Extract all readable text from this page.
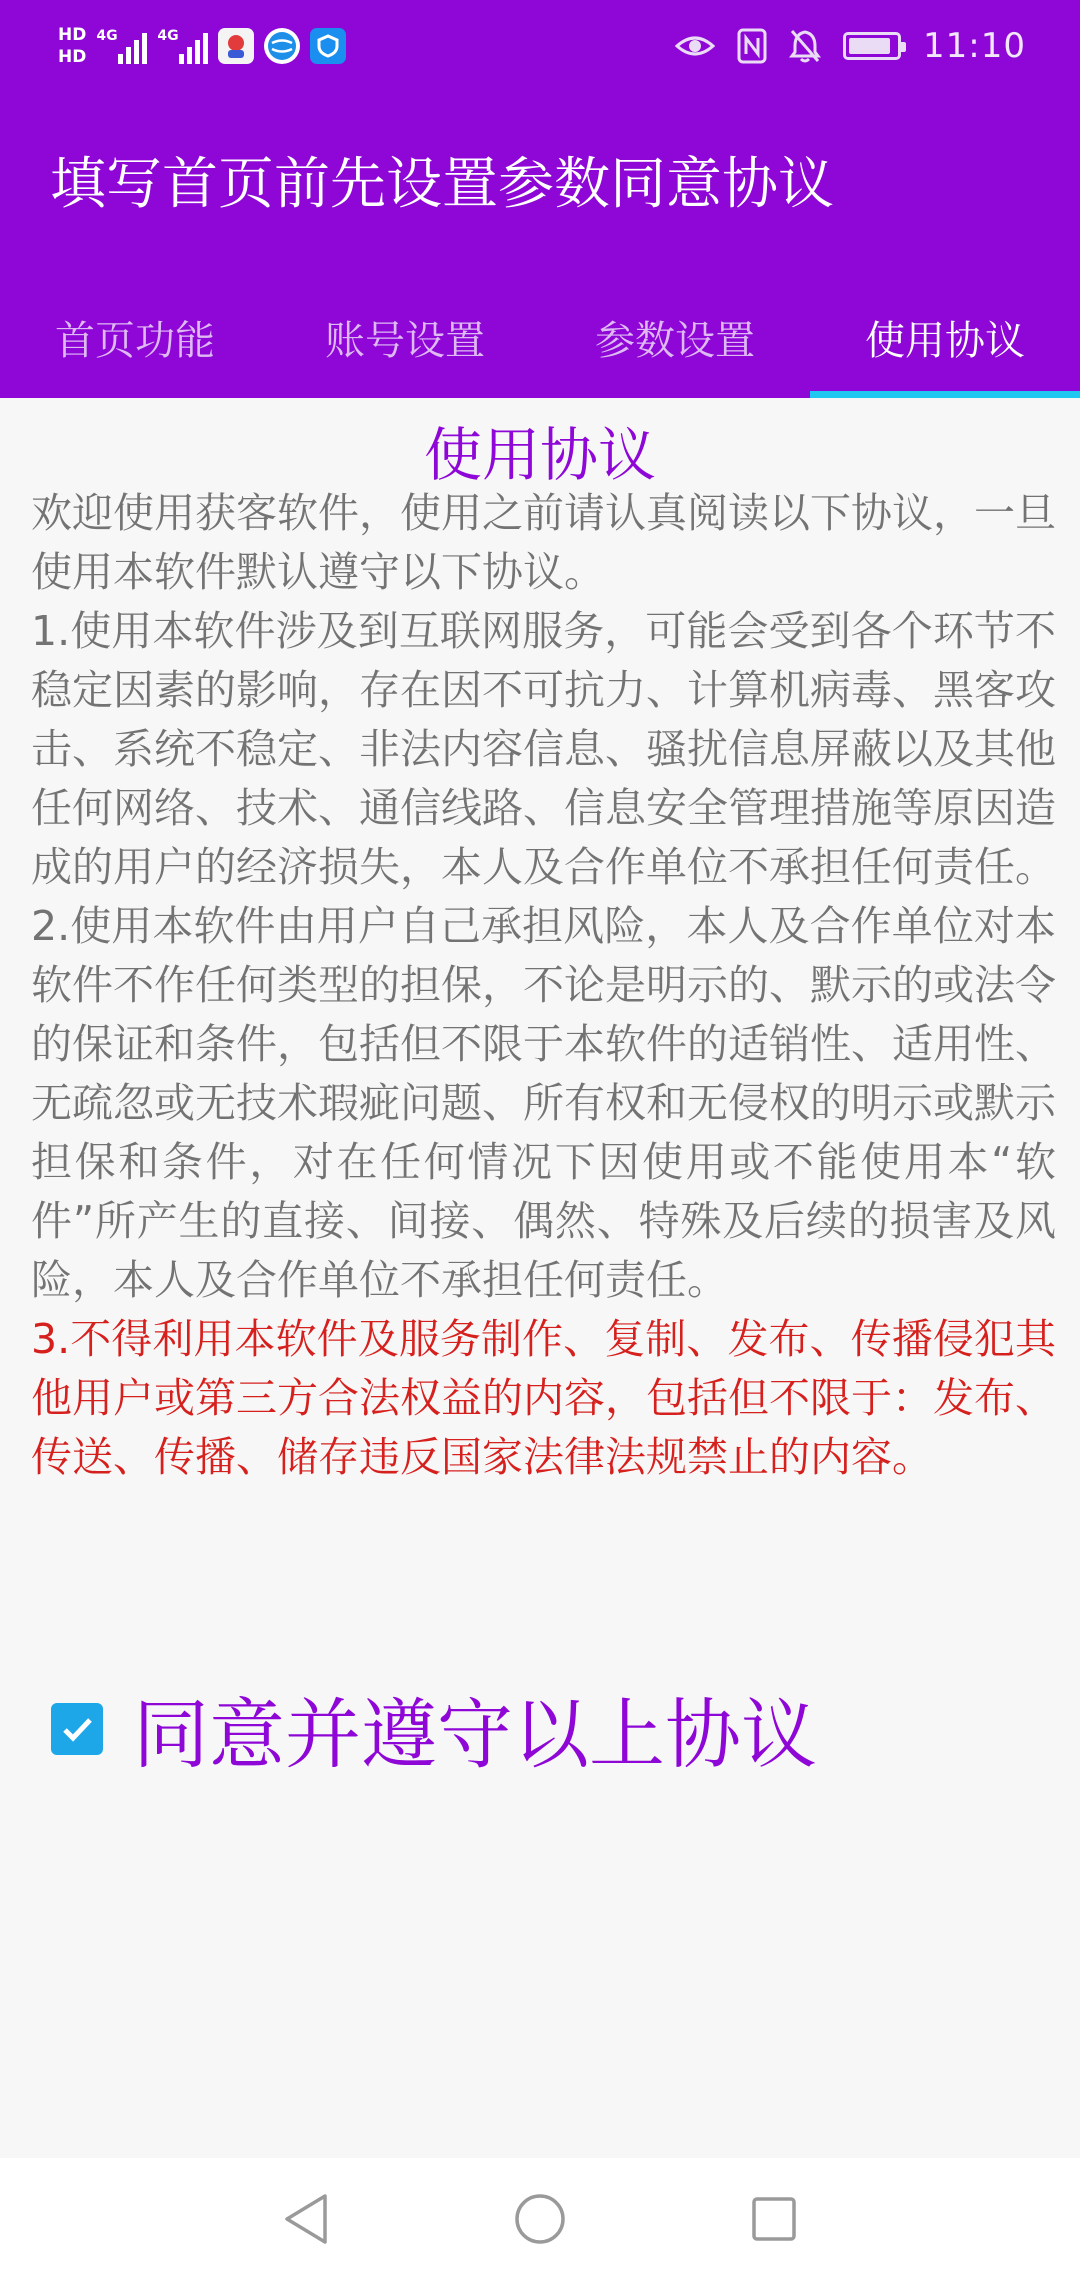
HD
HD
4G	4G	11:10
填写首页前先设置参数同意协议
首页功能	账号设置	参数设置	使用协议
使用协议

欢迎使用获客软件，使用之前请认真阅读以下协议，一旦使用本软件默认遵守以下协议。

1.使用本软件涉及到互联网服务，可能会受到各个环节不稳定因素的影响，存在因不可抗力、计算机病毒、黑客攻击、系统不稳定、非法内容信息、骚扰信息屏蔽以及其他任何网络、技术、通信线路、信息安全管理措施等原因造成的用户的经济损失，本人及合作单位不承担任何责任。

2.使用本软件由用户自己承担风险，本人及合作单位对本软件不作任何类型的担保，不论是明示的、默示的或法令的保证和条件，包括但不限于本软件的适销性、适用性、无疏忽或无技术瑕疵问题、所有权和无侵权的明示或默示担保和条件，对在任何情况下因使用或不能使用本“软件”所产生的直接、间接、偶然、特殊及后续的损害及风险，本人及合作单位不承担任何责任。

3.不得利用本软件及服务制作、复制、发布、传播侵犯其他用户或第三方合法权益的内容，包括但不限于：发布、传送、传播、储存违反国家法律法规禁止的内容。

同意并遵守以上协议
